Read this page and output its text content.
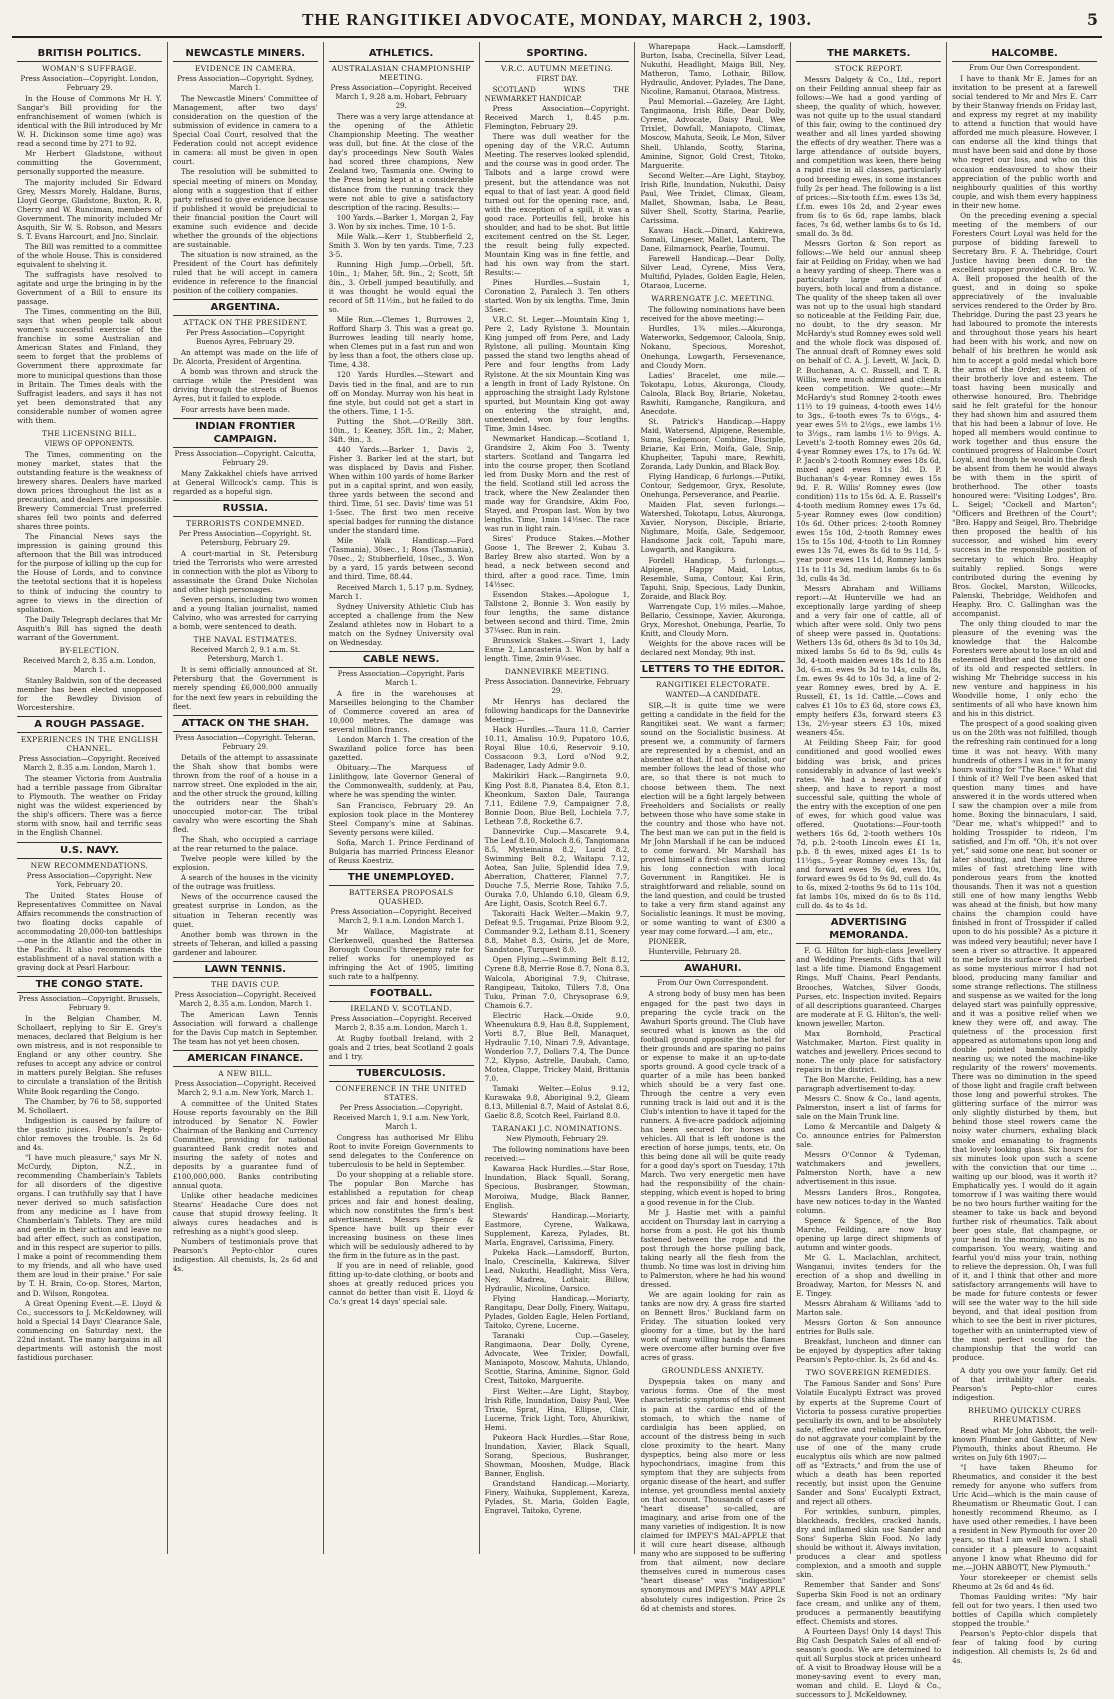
THE RANGITIKEI ADVOCATE, MONDAY, MARCH 2, 1903.	5
BRITISH POLITICS.
WOMAN'S SUFFRAGE.
Press Association—Copyright. London, February 29.

In the House of Commons Mr H. Y. Sangar's Bill providing for the enfranchisement of women (which is identical with the Bill introduced by Mr W. H. Dickinson some time ago) was read a second time by 271 to 92.

Mr Herbert Gladstone, without committing the Government, personally supported the measure.

The majority included Sir Edward Grey, Messrs Morely, Haldane, Burns, Lloyd George, Gladstone, Buxton, R. R. Cherry and W. Runciman, members of Government. The minority included Mr Asquith, Sir W. S. Robson, and Messrs S. T. Evans Harcourt, and Jno. Sinclair.

The Bill was remitted to a committee of the whole House. This is considered equivalent to shelving it.

The suffragists have resolved to agitate and urge the bringing in by the Government of a Bill to ensure its passage.

The Times, commenting on the Bill, says that when people talk about women's successful exercise of the franchise in some Australian and American States and Finland, they seem to forget that the problems of Government there approximate far more to municipal questions than those in Britain. The Times deals with the Suffragist leaders, and says it has not yet been demonstrated that any considerable number of women agree with them.

THE LICENSING BILL.
VIEWS OF OPPONENTS.

The Times, commenting on the money market, states that the outstanding feature is the weakness of brewery shares. Dealers have marked down prices throughout the list as a precaution, and dealers are impossible. Brewery Commercial Trust preferred shares fell two points and deferred shares three points.

The Financial News says the impression is gaining ground this afternoon that the Bill was introduced for the purpose of killing up the cup for the House of Lords, and to convince the teetotal sections that it is hopeless to think of inducing the country to agree to views in the direction of spoliation.

The Daily Telegraph declares that Mr Asquith's Bill has signed the death warrant of the Government.

BY-ELECTION.
Received March 2, 8.35 a.m. London, March 1.

Stanley Baldwin, son of the deceased member has been elected unopposed for the Bewdley Division of Worcestershire.

A ROUGH PASSAGE.
EXPERIENCES IN THE ENGLISH CHANNEL.
Press Association—Copyright. Received March 2, 8.35 a.m. London, March 1.

The steamer Victoria from Australia had a terrible passage from Gibraltar to Plymouth. The weather on Friday night was the wildest experienced by the ship's officers. There was a fierce storm with snow, hail and terrific seas in the English Channel.

U.S. NAVY.
NEW RECOMMENDATIONS.
Press Association—Copyright. New York, February 20.

The United States House of Representatives Committee on Naval Affairs recommends the construction of two floating docks capable of accommodating 20,000-ton battleships—one in the Atlantic and the other in the Pacific. It also recommends the establishment of a naval station with a graving dock at Pearl Harbour.

THE CONGO STATE.
Press Association—Copyright. Brussels, February 9.

In the Belgian Chamber, M. Schollaert, replying to Sir E. Grey's menaces, declared that Belgium is her own mistress, and is not responsible to England or any other country. She refuses to accept any advice or control in matters purely Belgian. She refuses to circulate a translation of the British White Book regarding the Congo.

The Chamber, by 76 to 58, supported M. Schollaert.

Indigestion is caused by failure of the gastric juices. Pearson's Pepto-chlor removes the trouble. Is. 2s 6d and 4s.

"I have much pleasure," says Mr N. McCurdy, Dipton, N.Z., in recommending Chamberlain's Tablets for all disorders of the digestive organs. I can truthfully say that I have never derived so much satisfaction from any medicine as I have from Chamberlain's Tablets. They are mild and gentle in their action and leave no bad after effect, such as constipation, and in this respect are superior to pills. I make a point of recommending them to my friends, and all who have used them are loud in their praise." For sale by T. H. Brain, Co-op. Stores, Marton, and D. Wilson, Rongotea.

A Great Opening Event.—E. Lloyd & Co., successors to J. McKeldowney, will hold a Special 14 Days' Clearance Sale, commencing on Saturday next, the 22nd instant. The many bargains in all departments will astonish the most fastidious purchaser.

NEWCASTLE MINERS.
EVIDENCE IN CAMERA.
Press Association—Copyright. Sydney, March 1.

The Newcastle Miners' Committee of Management, after two days' consideration on the question of the submission of evidence in camera to a Special Coal Court, resolved that the Federation could not accept evidence in camera: all must be given in open court.

The resolution will be submitted to special meeting of miners on Monday, along with a suggestion that if either party refused to give evidence because if published it would be prejudicial to their financial position the Court will examine such evidence and decide whether the grounds of the objections are sustainable.

The situation is now strained, as the President of the Court has definitely ruled that he will accept in camera evidence in reference to the financial position of the colliery companies.

ARGENTINA.
ATTACK ON THE PRESIDENT.
Per Press Association—Copyright Buenos Ayres, February 29.

An attempt was made on the life of Dr. Alcorta, President of Argentina.

A bomb was thrown and struck the carriage while the President was driving through the streets of Buenos Ayres, but it failed to explode.

Four arrests have been made.

INDIAN FRONTIER CAMPAIGN.
Press Association—Copyright. Calcutta, February 29.

Many Zakkakhel chiefs have arrived at General Willcock's camp. This is regarded as a hopeful sign.

RUSSIA.
TERRORISTS CONDEMNED.
Per Press Association—Copyright. St. Petersburg, February 29.

A court-martial in St. Petersburg tried the Terrorists who were arrested in connection with the plot as Viborg to assassinate the Grand Duke Nicholas and other high personages.

Seven persons, including two women and a young Italian journalist, named Calvino, who was arrested for carrying a bomb, were sentenced to death.

THE NAVAL ESTIMATES.
Received March 2, 9.1 a.m. St. Petersburg, March 1.

It is semi officially announced at St. Petersburg that the Government is merely spending £6,000,000 annually for the next few years in rebuilding the fleet.

ATTACK ON THE SHAH.
Press Association—Copyright. Teheran, February 29.

Details of the attempt to assassinate the Shah show that bombs were thrown from the roof of a house in a narrow street. One exploded in the air, and the other struck the ground, killing the outriders near the Shah's unoccupied motor-car. The tribal cavalry who were escorting the Shah fled.

The Shah, who occupied a carriage at the rear returned to the palace.

Twelve people were killed by the explosion.

A search of the houses in the vicinity of the outrage was fruitless.

News of the occurrence caused the greatest surprise in London, as the situation in Teheran recently was quiet.

Another bomb was thrown in the streets of Teheran, and killed a passing gardener and labourer.

LAWN TENNIS.
THE DAVIS CUP.
Press Association—Copyright. Received March 2, 8.35 a.m. London, March 1.

The American Lawn Tennis Association will forward a challenge for the Davis Cup match in September. The team has not yet been chosen.

AMERICAN FINANCE.
A NEW BILL.
Press Association—Copyright. Received March 2, 9.1 a.m. New York, March 1.

A committee of the United States House reports favourably on the Bill introduced by Senator N. Fowler Chairman of the Banking and Currency Committee, providing for national guaranteed Bank credit notes and insuring the safety of notes and deposits by a guarantee fund of £100,000,000. Banks contributing annual quota.

Unlike other headache medicines Stearns' Headache Cure does not cause that stupid drowsy feeling. It always cures headaches and is refreshing as a night's good sleep.

Numbers of testimonials prove that Pearson's Pepto-chlor cures indigestion. All chemists, Is, 2s 6d and 4s.

ATHLETICS.
AUSTRALASIAN CHAMPIONSHIP MEETING.
Press Association—Copyright. Received March 1, 9.28 a.m. Hobart, February 29.

There was a very large attendance at the opening of the Athletic Championship Meeting. The weather was dull, but fine. At the close of the day's proceedings New South Wales had scored three champions, New Zealand two, Tasmania one. Owing to the Press being kept at a considerable distance from the running track they were not able to give a satisfactory description of the racing. Results:—

100 Yards.—Barker 1, Morgan 2, Fay 3. Won by six inches. Time, 10 1-5.

Mile Walk.—Kerr 1, Stubberfield 2, Smith 3. Won by ten yards. Time, 7.23 3-5.

Running High Jump.—Orbell, 5ft. 10in., 1; Maher, 5ft. 9in., 2; Scott, 5ft 8in., 3. Orbell jumped beautifully, and it was thought he would equal the record of 5ft 11½in., but he failed to do so.

Mile Run.—Clemes 1, Burrowes 2, Rofford Sharp 3. This was a great go. Burrowes leading till nearly home, when Clemes put in a fast run and won by less than a foot, the others close up. Time, 4.38.

120 Yards Hurdles.—Stewart and Davis tied in the final, and are to run off on Monday. Murray won his heat in fine style, but could not get a start in the others. Time, 1 1-5.

Putting the Shot.—O'Reilly 38ft. 10in., 1; Keaney, 35ft. 1in., 2; Maher, 34ft. 9in., 3.

440 Yards.—Barker 1, Davis 2, Fisher 3. Barker led at the start, but was displaced by Davis and Fisher. When within 100 yards of home Barker put in a capital sprint, and won easily, three yards between the second and third. Time, 51 sec. Davis' time was 51 1-5sec. The first two men receive special badges for running the distance under the standard time.

Mile Walk Handicap.—Ford (Tasmania), 30sec., 1; Ross (Tasmania), 70sec., 2; Stubberfield, 10sec., 3. Won by a yard, 15 yards between second and third. Time, 88.44.

Received March 1, 5.17 p.m. Sydney, March 1.

Sydney University Athletic Club has accepted a challenge from the New Zealand athletes now in Hobart to a match on the Sydney University oval on Wednesday.

CABLE NEWS.
Press Association—Copyright. Paris March 1.

A fire in the warehouses at Marseilles belonging to the Chamber of Commerce covered an area of 10,000 metres. The damage was several million francs.

London March 1. The creation of the Swaziland police force has been gazetted.

Obituary.—The Marquess of Linlithgow, late Governor General of the Commonwealth, suddenly, at Pau, where he was spending the winter.

San Francisco, February 29. An explosion took place in the Monterey Steel Company's mine at Sabinas. Seventy persons were killed.

Sofia, March 1. Prince Ferdinand of Bulgaria has married Princess Eleanor of Reuss Koestriz.

THE UNEMPLOYED.
BATTERSEA PROPOSALS QUASHED.
Press Association—Copyright. Received March 2, 9.1 a.m. London March 1.

Mr Wallace, Magistrate at Clerkenwell, quashed the Battersea Borough Council's threepenny rate for relief works for unemployed as infringing the Act of 1905, limiting such rate to a halfpenny.

FOOTBALL.
IRELAND V. SCOTLAND.
Press Association—Copyright. Received March 2, 8.35 a.m. London, March 1.

At Rugby football Ireland, with 2 goals and 2 tries, beat Scotland 2 goals and 1 try.

TUBERCULOSIS.
CONFERENCE IN THE UNITED STATES.
Per Press Association.—Copyright. Received March 1, 9.1 a.m. New York, March 1.

Congress has authorised Mr Elihu Root to invite Foreign Governments to send delegates to the Conference on tuberculosis to be held in September.

Do your shopping at a reliable store. The popular Bon Marche has established a reputation for cheap prices and fair and honest dealing, which now constitutes the firm's best advertisement. Messrs Spence & Spence have built up their ever increasing business on these lines which will be sedulously adhered to by the firm in the future as in the past.

If you are in need of reliable, good fitting up-to-date clothing, or boots and shoes at greatly reduced prices you cannot do better than visit E. Lloyd & Co.'s great 14 days' special sale.

SPORTING.
V.R.C. AUTUMN MEETING.
FIRST DAY.

SCOTLAND WINS THE NEWMARKET HANDICAP.

Press Association—Copyright. Received March 1, 8.45 p.m. Flemington, February 29.

There was dull weather for the opening day of the V.R.C. Autumn Meeting. The reserves looked splendid, and the course was in good order. The Talbots and a large crowd were present, but the attendance was not equal to that of last year. A good field turned out for the opening race, and, with the exception of a spill, it was a good race. Porteullis fell, broke his shoulder, and had to be shot. But little excitement centred on the St. Leger, the result being fully expected. Mountain King was in fine fettle, and had his own way from the start. Results:—

Pines Hurdles.—Sustain 1, Coronation 2, Paralech 3. Ten others started. Won by six lengths. Time, 3min 35sec.

V.R.C. St. Leger.—Mountain King 1, Pere 2, Lady Rylstone 3. Mountain King jumped off from Pere, and Lady Rylstone, all pulling. Mountain King passed the stand two lengths ahead of Pere and four lengths from Lady Rylstone. At the six Mountain King was a length in front of Lady Rylstone. On approaching the straight Lady Rylstone spurted, but Mountain King got away on entering the straight, and, unextended, won by four lengths. Time, 3min 14sec.

Newmarket Handicap.—Scotland 1, Grandsire 2, Akim Foo 3. Twenty starters. Scotland and Tangarra led into the course proper, then Scotland led from Dusky Morn and the rest of the field. Scotland still led across the track, where the New Zealander then made way for Grandsire, Akim Foo, Stayed, and Prospan last. Won by two lengths. Time, 1min 14½sec. The race was run in light rain.

Sires' Produce Stakes.—Mother Goose 1, The Brewer 2, Kubau 3. Barley Brew also started. Won by a head, a neck between second and third, after a good race. Time, 1min 14½sec.

Essendon Stakes.—Apologue 1, Tallstone 2, Bonnie 3. Won easily by four lengths, the same distance between second and third. Time, 2min 37¼sec. Run in rain.

Brunswick Stakes.—Sivart 1, Lady Esme 2, Lancasteria 3. Won by half a length. Time, 2min 9¼sec.

DANNEVIRKE MEETING.
Press Association. Dannevirke, February 29.

Mr Henrys has declared the following handicaps for the Dannevirke Meeting:—

Hack Hurdles.—Taura 11.0, Carrier 10.11, Amalisu 10.9, Pupatoro 10.6, Royal Blue 10.6, Reservoir 9.10, Cossacoon 9.3, Lord o'Nod 9.2, Badenager, Lady Admir 9.0.

Makirikiri Hack.—Rangirneta 9.0, King Post 8.8, Pianatea 8.4, Eton 8.1, Kheonkum, Saxton Dale, Tauranga 7.11, Edilene 7.9, Campaigner 7.8, Bonnie Doon, Blue Bell, Lochiela 7.7, Lethean 7.8, Rockethe 6.7.

Dannevirke Cup.—Mascarete 9.4, The Leaf 8.10, Moloch 8.6, Tangiomana 8.5, Mysteinaina 8.2, Lucid 8.2, Swimming Belt 8.2, Waitapu 7.12, Aotea, San Julie, Splendid Idea 7.9, Aberration, Chatterer, Flannel 7.7, Douche 7.5, Merrie Rose, Tahiko 7.5, Ouraka 7.0, Uhlando 6.10, Gleam 6.9, Are Light, Oasis, Scotch Reel 6.7.

Takoraiti Hack Welter.—Makin 9.7, Defeat 9.5, Trugamai, Prize Bloom 9.2, Commander 9.2, Letham 8.11, Scenery 8.8, Mahet 8.3, Osiris, Jet de More, Sandstone, Turquest 8.0.

Open Flying.—Swimming Belt 8.12, Cyrene 8.8, Merrie Rose 8.7, Nona 8.3, Walcola, Aboriginal 7.9, Chitrase, Rangipeau, Taitoko, Tillers 7.8, Ona Tuku, Prinan 7.0, Chrysoprase 6.9, Chamois 6.7.

Electric Hack.—Oxide 9.0, Wheenukura 8.9, Hau 8.8, Supplement, Vorti 8.7, Blue Bell, Manaquet, Hydraulic 7.10, Ninari 7.9, Advantage, Wonderloo 7.7, Dollars 7.4, The Dunce 7.2, Klypso, Astrelle, Daubah, Camo, Motea, Clappe, Trickey Maid, Brittania 7.0.

Tamaki Welter.—Eolus 9.12, Kurawaka 9.8, Aboriginal 9.2, Gleam 8.13, Millenial 8.7, Maid of Astolat 8.6, Gaelic 8.8, Scotch Reel, Fairland 8.0.

TARANAKI J.C. NOMINATIONS.
New Plymouth, February 29.

The following nominations have been received:—

Kawaroa Hack Hurdles.—Star Rose, Inundation, Black Squall, Sorang, Specious, Busbranger, Stowman, Moroiwa, Mudge, Black Banner, English.

Stewards' Handicap.—Moriarty, Eastmore, Cyrene, Walkawa, Supplement, Kareza, Pylades, Bt. Marla, Engravel, Carissima, Finery.

Pukeka Hack.—Lamsdorff, Burton, Inalo, Crescinella, Kakirewa, Silver Lead, Nukuthi, Headlight, Miss Vera, Ney, Madrea, Lothair, Billow, Hydraulic, Nicoline, Oarsico.

Flying Handicap.—Moriarty, Rangitapu, Dear Dolly, Finery, Waitapu, Pylades, Golden Eagle, Helen Fortland, Taitoko, Cyrene, Lucerne.

Taranaki Cup.—Gaseley, Rangimaona, Dear Dolly, Cyrene, Advocate, Wee Trixler, Dowfall, Maniapoto, Moscow, Mahuta, Uhlando, Scottie, Starina, Aminine, Signor, Gold Crest, Taitoko, Marguerite.

First Welter.—Are Light, Stayboy, Irish Rifle, Inundation, Daisy Paul, Wee Trixie, Sprat, Hina, Ellipse, Clair, Lucerne, Trick Light, Toro, Ahurikiwi, Hemi.

Pukeora Hack Hurdles.—Star Rose, Inundation, Xavier, Black Squall, Sorang, Specious, Bushranger, Showman, Mooshen, Mudge, Black Banner, English.

Grandstand Handicap.—Moriarty, Finery, Waihuka, Supplement, Kareza, Pylades, St. Maria, Golden Eagle, Engravel, Taitoko, Cyrene.

Wharepapa Hack.—Lamsdorff, Burton, Isaba, Crecinella, Silver Lead, Nukuthi, Headlight, Maiga Bill, Ney, Matheron, Tamo, Lothair, Billow, Hydraulic, Andover, Pylades, The Dane, Nicoline, Ramanui, Otaraoa, Mistress.

Paul Memorial.—Gazeley, Are Light, Tangimaona, Irish Rifle, Dear Dolly, Cyrene, Advocate, Daisy Paul, Wee Trixlet, Dowfall, Maniapoto, Climax, Moscow, Mahuta, Seoik, Le Mon, Silver Shell, Uhlando, Scotty, Starina, Aminine, Signor, Gold Crest, Titoko, Marguerite.

Second Welter.—Are Light, Stayboy, Irish Rifle, Inundation, Nukuthi, Daisy Paul, Wee Trixlet, Climax, Gleam, Mallet, Showman, Isaba, Le Beau, Silver Shell, Scotty, Starina, Pearlie, Carissima.

Kawau Hack.—Dinard, Kakirewa, Somali, Lingeser, Mallet, Lantern, The Dane, Eilmarnock, Pearlie, Toumui.

Farewell Handicap.—Dear Dolly, Silver Lead, Cyrene, Miss Vera, Multifid, Pylades, Golden Eagle, Helen, Otaraoa, Lucerne.

WARRENGATE J.C. MEETING.

The following nominations have been received for the above meeting:—

Hurdles, 1¾ miles.—Akuronga, Waterworks, Sedgemoor, Caloola, Snip, Nokanu, Specious, Moreshot, Onehunga, Lowgarth, Fersevenance, and Cloudy Morn.

Ladies' Bracelet, one mile.—Tokotapu, Lotus, Akuronga, Cloudy, Caloola, Black Boy, Briarie, Noketau, Rawhiti, Ramganche, Rangikura, and Anecdote.

St. Patrick's Handicap.—Happy Maid, Watersend, Alpigene, Resemble, Suma, Sedgemoor, Combine, Disciple, Briarie, Kai Erin, Moifa, Gale, Snip, Khupheiter, Tapuhi mare, Rewhiti, Zoranda, Lady Dunkin, and Black Boy.

Flying Handicap, 6 furlongs.—Putiki, Contour, Sedgemoor, Gryx, Resolute, Onehunga, Perseverance, and Pearlie.

Maiden Flat, seven furlongs.—Watershed, Tokotapu, Lotus, Akuronga, Xavier, Noryson, Disciple, Briarie, Nighmare, Moifa, Gale, Sedgemoor, Handsome Jack colt, Tapuhi mare, Lowgarth, and Rangikura.

Fordell Handicap, 5 furlongs.—Alpigene, Happy Maid, Lotus, Resemble, Suma, Contour, Kai Erin, Tapuhi, Snip, Specious, Lady Dunkin, Zoraide, and Black Boy.

Warrengate Cup, 1½ miles.—Mahoe, Bellario, Cessinope, Xavier, Akuronga, Gryx, Moreshot, Onehunga, Pearlie, To Knitt, and Cloudy Morn.

Weights for the above races will be declared next Monday, 9th inst.

LETTERS TO THE EDITOR.
RANGITIKEI ELECTORATE.
WANTED—A CANDIDATE.

SIR,—It is quite time we were getting a candidate in the field for the Rangitikei seat. We want a farmer; sound on the Socialistic business. At present we, a community of farmers are represented by a chemist, and an absentee at that. If not a Socialist, our member follows the lead of those who are, so that there is not much to choose between them. The next election will be a fight largely between Freeholders and Socialists or really between those who have some stake in the country and those who have not. The best man we can put in the field is Mr John Marshall if he can be induced to come forward. Mr Marshall has proved himself a first-class man during his long connection with local Government in Rangitikei. He is straightforward and reliable, sound on the land question, and could be trusted to take a very firm stand against any Socialistic leanings. It must be moving, or some wanting to want of £300 a year may come forward.—I am, etc.,

PIONEER.

Hunterville, February 28.

AWAHURI.
From Our Own Correspondent.

A strong body of busy men has been engaged for the past two days in preparing the cycle track on the Awahuri Sports ground. The Club have secured what is known as the old football ground opposite the hotel for their grounds and are sparing no pains or expense to make it an up-to-date sports ground. A good cycle track of a quarter of a mile has been banked which should be a very fast one. Through the centre a very even running track is laid out and it is the Club's intention to have it taped for the runners. A five-acre paddock adjoining has been secured for horses and vehicles. All that is left undone is the erection of horse jumps, tents, etc. On this being done all will be quite ready for a good day's sport on Tuesday, 17th March. Two very energetic men have had the responsibility of the chain-stepping, which event is hoped to bring a good revenue in for the Club.

Mr J. Hastie met with a painful accident on Thursday last in carrying a horse from a post. He got his thumb fastened between the rope and the post through the horse pulling back, taking nearly all the flesh from the thumb. No time was lost in driving him to Palmerston, where he had his wound dressed.

We are again looking for rain as tanks are now dry. A grass fire started on Bennett Bros.' Buckland farm on Friday. The situation looked very gloomy for a time, but by the hard work of many willing hands the flames were overcome after burning over five acres of grass.

GROUNDLESS ANXIETY.

Dyspepsia takes on many and various forms. One of the most characteristic symptoms of this ailment is pain at the cardiac end of the stomach, to which the name of cardialgia has been applied, on account of the distress being in such close proximity to the heart. Many dyspeptics, being also more or less hypochondriacs, imagine from this symptom that they are subjects from organic disease of the heart, and suffer intense, yet groundless mental anxiety on that account. Thousands of cases of "heart disease" so-called, are imaginary, and arise from one of the many varieties of indigestion. It is now claimed for IMPEY'S MAL-APPLE that it will cure heart disease, although many who are supposed to be suffering from that ailment, now declare themselves cured in numerous cases "heart disease" was "indigestion" synonymous and IMPEY'S MAY APPLE absolutely cures indigestion. Price 2s 6d at chemists and stores.

THE MARKETS.
STOCK REPORT.

Messrs Dalgety & Co., Ltd., report on their Feilding annual sheep fair as follows:—We had a good yarding of sheep, the quality of which, however, was not quite up to the usual standard of this fair, owing to the continued dry weather and all lines yarded showing the effects of dry weather. There was a large attendance of outside buyers, and competition was keen, there being a rapid rise in all classes, particularly good breeding ewes, in some instances fully 2s per head. The following is a list of prices:—Six-tooth f.f.m. ewes 13s 3d, f.f.m. ewes 10s 2d, and 2-year ewes from 6s to 6s 6d, rape lambs, black faces, 7s 6d, wether lambs 6s to 6s 1d, small do. 3s 8d.

Messrs Gorton & Son report as follows:—We held our annual sheep fair at Feilding on Friday, when we had a heavy yarding of sheep. There was a particularly large attendance of buyers, both local and from a distance. The quality of the sheep taken all over was not up to the usual high standard so noticeable at the Feilding Fair, due, no doubt, to the dry season. Mr McHardy's stud Romney ewes sold well and the whole flock was disposed of. The annual draft of Romney ewes sold on behalf of C. A. J. Levett, W. Jack, D. P. Buchanan, A. C. Russell, and T. R. Willis, were much admired and clients keen competition. We quote:—Mr McHardy's stud Romney 2-tooth ewes 11½ to 19 guineas, 4-tooth ewes 14½ to 3gs., 6-tooth ewes 7s to 6½gs., 4-year ewes 5½ to 2½gs., ewe lambs 1½ to 3½gs., ram lambs 1½ to 9½gs. A. Levett's 2-tooth Romney ewes 20s 6d, 4-year Romney ewes 17s, to 17s 6d. W. P. Jacob's 2-tooth Romney ewes 18s 6d, mixed aged ewes 11s 3d. D. P. Buchanan's 4-year Romney ewes 15s 9d. F. R. Willis' Romney ewes (low condition) 11s to 15s 6d. A. E. Russell's 4-tooth medium Romney ewes 17s 6d, 5-year Romney ewes (low condition) 10s 6d. Other prices: 2-tooth Romney ewes 15s 10d, 2-tooth Romney ewes 15s to 15s 10d, 4-tooth to Lin Romney ewes 13s 7d, ewes 8s 6d to 9s 11d, 5-year poor ewes 11s 1d, Romney lambs 11s to 11s 3d, medium lambs 6s to 6s 3d, culls 4s 3d.

Messrs Abraham and Williams report:—At Hunterville we had an exceptionally large yarding of sheep and a very fair one of cattle, all of which after were sold. Only two pens of sheep were passed in. Quotations: Wethers 13s 6d, others 8s 3d to 10s 3d, mixed lambs 5s 6d to 8s 9d, culls 4s 3d, 4-tooth maiden ewes 18s 1d to 18s 3d, 6-s.m. ewes 9s 3d to 14s, culls 8s, f.m. ewes 9s 4d to 10s 3d, a line of 2-year Romney ewes, bred by A. E. Russell, £1, 1s 1d. Cattle.—Cows and calves £1 10s to £3 6d, store cows £3, empty heifers £3s, forward steers £3 13s, 2½-year steers £3 10s, mixed weaners 45s.

At Feilding Sheep Fair, for good conditioned and good woolled ewes bidding was brisk, and prices considerably in advance of last week's rates. We had a heavy yarding of sheep, and have to report a most successful sale, quitting the whole of the entry with the exception of one pen of ewes, for which good value was offered. Quotations:—Four-tooth wethers 16s 6d, 2-tooth wethers 10s 7d, p.b. 2-tooth Lincoln ewes £1 1s, p.b. 8 th ewes, mixed ages £1 1s to 11½gs., 5-year Romney ewes 13s, fat and forward ewes 9s 6d, ewes 10s, forward ewes 9s 6d to 9s 9d, cull do. 4s to 6s, mixed 2-tooths 9s 6d to 11s 10d, fat lambs 10s, mixed do 6s to 8s 11d, cull do. 4s to 4s 1d.

ADVERTISING MEMORANDA.

F. G. Hilton for high-class Jewellery and Wedding Presents. Gifts that will last a life time. Diamond Engagement Rings, Muff Chains, Pearl Pendants, Brooches, Watches, Silver Goods, Purses, etc. Inspection invited. Repairs of all descriptions guaranteed. Charges are moderate at F. G. Hilton's, the well-known jeweller, Marton.

Max Bornhold, Practical Watchmaker, Marton. First quality in watches and jewellery. Prices second to none. The only place for satisfactory repairs in the district.

The Bon Marche, Feilding, has a new paragraph advertisement to-day.

Messrs C. Snow & Co., land agents, Palmerston, insert a list of farms for sale on the Main Trunk line.

Lomo & Mercantile and Dalgety & Co. announce entries for Palmerston sale.

Messrs O'Connor & Tydeman, watchmakers and jewellers, Palmerston North, have a new advertisement in this issue.

Messrs Landers Bros., Rongotea, have new notices to-day in the Wanted column.

Spence & Spence, of the Bon Marche, Feilding, are now busy opening up large direct shipments of autumn and winter goods.

Mr G. L. Maclachlan, architect, Wanganui, invites tenders for the erection of a shop and dwelling in Broadway, Marton, for Messrs N. and E. Tingey.

Messrs Abraham & Williams 'add to Marton sale.

Messrs Gorton & Son announce entries for Bulls sale.

Breakfast, luncheon and dinner can be enjoyed by dyspeptics after taking Pearson's Pepto-chlor. Is, 2s 6d and 4s.

TWO SOVEREIGN REMEDIES.

The Famous Sander and Sons' Pure Volatile Eucalypti Extract was proved by experts at the Supreme Court of Victoria to possess curative properties peculiarly its own, and to be absolutely safe, effective and reliable. Therefore, do not aggravate your complaint by the use of one of the many crude eucalyptus oils which are now palmed off as "Extracts," and from the use of which a death has been reported recently, but insist upon the Genuine Sander and Sons' Eucalypti Extract, and reject all others.

For wrinkles, sunburn, pimples, blackheads, freckles, cracked hands, dry and inflamed skin use Sander and Sons' Superba Skin Food. No lady should be without it. Always invitation, produces a clear and spotless complexion, and a smooth and supple skin.

Remember that Sander and Sons' Superba Skin Food is not an ordinary face cream, and unlike any of them, produces a permanently beautifying effect. Chemists and stores.

A Fourteen Days! Only 14 days! This Big Cash Despatch Sales of all end-of-season's goods. We are determined to quit all Surplus stock at prices unheard of. A visit to Broadway House will be a money-saving event to every man, woman and child. E. Lloyd & Co., successors to J. McKeldowney.

HALCOMBE.
From Our Own Correspondent.

I have to thank Mr E. James for an invitation to be present at a farewell social tendered to Mr and Mrs E. Carr by their Stanway friends on Friday last, and express my regret at my inability to attend a function that would have afforded me much pleasure. However, I can endorse all the kind things that must have been said and done by those who regret our loss, and who on this occasion endeavoured to show their appreciation of the public worth and neighbourly qualities of this worthy couple, and wish them every happiness in their new home.

On the preceding evening a special meeting of the members of our Foresters Court Loyal was held for the purpose of bidding farewell to Secretary Bro. F. A. Thebridge, Court Justice having been done to the excellent supper provided C.R. Bro. W. A. Bell proposed the health of the guest, and in doing so spoke appreciatively of the invaluable services rendered to the Order by Bro. Thebridge. During the past 23 years he had laboured to promote the interests and throughout those years his heart had been with his work, and now on behalf of his brethren he would ask him to accept a gold medal which bore the arms of the Order, as a token of their brotherly love and esteem. The toast having been musically and otherwise honoured, Bro. Thebridge said he felt grateful for the honour they had shown him and assured them that his had been a labour of love. He hoped all members would continue to work together and thus ensure the continued progress of Halcombe Court Loyal, and though he would in the flesh be absent from them he would always be with them in the spirit of brotherhood. The other toasts honoured were: "Visiting Lodges", Bro. L. Seigel; "Cockell and Marton"; "Officers and Brethren of the Court"; "Bro. Happy and Seigel, Bro. Thebridge then proposed the health of his successor, and wished him every success in the responsible position of secretary to which Bro. Heaphy suitably replied. Songs were contributed during the evening by Bros. Gockel, Marston, Willcocks, Palenski, Thebridge, Weldhofen and Heaphy. Bro. C. Gallinghan was the accompanist.

The only thing clouded to mar the pleasure of the evening was the knowledge that the Halcombe Foresters were about to lose an old and esteemed Brother and the district one of its old and respected settlers. In wishing Mr Thebridge success in his new venture and happiness in his Woodville home, I only echo the sentiments of all who have known him and his in this district.

The prospect of a good soaking given us on the 20th was not fulfilled, though the refreshing rain continued for a long time it was not heavy. With many hundreds of others I was in it for many hours waiting for "The Race." What did I think of it? Well I've been asked that question many times and have answered it in the words uttered when I saw the champion over a mile from home. Boxing the binnaculars, I said, "Dear me, what's whipped!" and to holding Trosspider to rideon, I'm satisfied, and I'm off. "Oh, it's not over yet," said some one near, but sooner or later shouting, and there were three miles of fast stretching line with ponderous years from the knotted thousands. Then it was not a question still one of how many lengths Webb was ahead at the finish, but how many chains the champion could have finished in front of Trosspider if called upon to do his possible? As a picture it was indeed very beautiful; never have I seen a river so attractive. It appeared to me before its surface was disturbed as some mysterious mirror I had not blood, producing many familiar and some strange reflections. The stillness and suspense as we waited for the long delayed start was painfully oppressive, and it was a positive relief when we knew they were off, and away. The quietness of the procession first appeared as automatons upon long and double pointed bamboos, rapidly nearing us; we noted the machine-like regularity of the rowers' movements. There was no diminution in the speed of those light and fragile craft between those long and powerful strokes. The glittering surface of the mirror was only slightly disturbed by them, but behind those steel rowers came the noisy water churners, exhaling black smoke and emanating to fragments that lovely looking glass. Six hours for six minutes look upon such a scene with the conviction that our time ... waiting up our blood, was it worth it? Emphatically yes. I would do it again tomorrow if I was waiting there would be no two hours further waiting for the steamer to take us back and beyond further risk of rheumatics. Talk about beer goes stale, flat champagne, or your head in the morning, there is no comparison. You weary, waiting and fearful you'd miss your train, nothing to relieve the depression. Oh, I was full of it, and I think that other and more satisfactory arrangements will have to be made for future contests or fewer will see the water way to the hill side beyond, and that ideal position from which to see the best in river pictures, together with an uninterrupted view of the most perfect sculling for the championship that the world can produce.

A duty you owe your family. Get rid of that irritability after meals. Pearson's Pepto-chlor cures indigestion.

RHEUMO QUICKLY CURES RHEUMATISM.

Read what Mr John Abbott, the well-known Plumber and Gasfitter, of New Plymouth, thinks about Rheumo. He writes on July 6th 1907:—

"I have taken Rheumo for Rheumatics, and consider it the best remedy for anyone who suffers from Uric Acid—which is the main cause of Rheumatism or Rheumatic Gout. I can honestly recommend Rheumo, as I have used other remedies. I have been a resident in New Plymouth for over 20 years, so that I am well known. I shall consider it a pleasure to acquaint anyone I know what Rheumo did for me.—JOHN ABBOTT, New Plymouth."

Your storekeeper or chemist sells Rheumo at 2s 6d and 4s 6d.

Thomas Faulding writes: "My hair fell out for two years. I then used two bottles of Capilla which completely stopped the trouble."

Pearson's Pepto-chlor dispels that fear of taking food by curing indigestion. All chemists Is, 2s 6d and 4s.
